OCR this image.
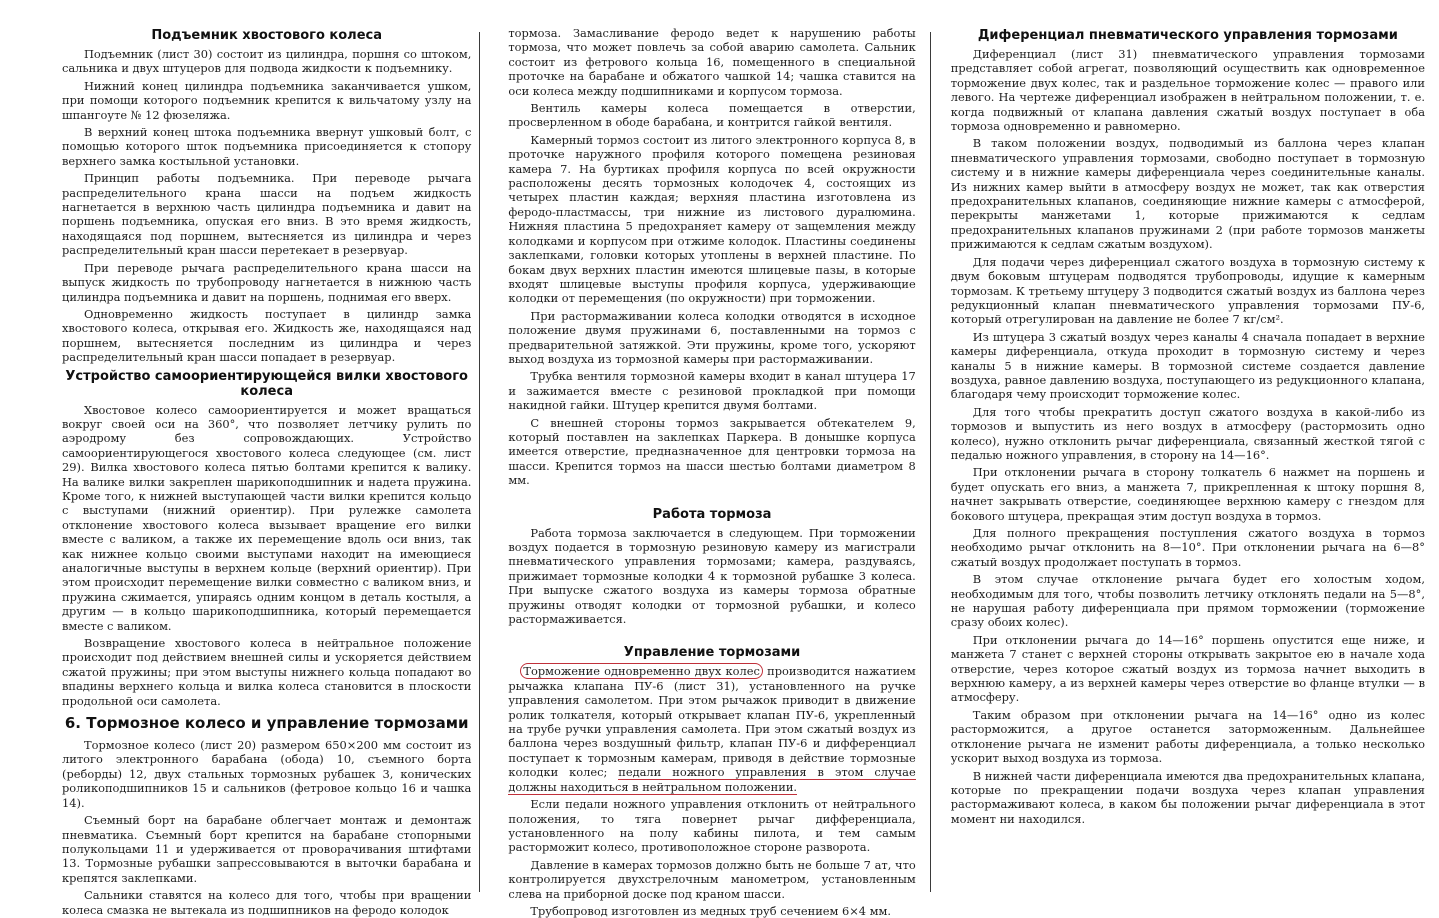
Подъемник хвостового колеса

Подъемник (лист 30) состоит из цилиндра, поршня со штоком, сальника и двух штуцеров для подвода жидкости к подъемнику.

Нижний конец цилиндра подъемника заканчивается ушком, при помощи которого подъемник крепится к вильчатому узлу на шпангоуте № 12 фюзеляжа.

В верхний конец штока подъемника ввернут ушковый болт, с помощью которого шток подъемника присоединяется к стопору верхнего замка костыльной установки.

Принцип работы подъемника. При переводе рычага распределительного крана шасси на подъем жидкость нагнетается в верхнюю часть цилиндра подъемника и давит на поршень подъемника, опуская его вниз. В это время жидкость, находящаяся под поршнем, вытесняется из цилиндра и через распределительный кран шасси перетекает в резервуар.

При переводе рычага распределительного крана шасси на выпуск жидкость по трубопроводу нагнетается в нижнюю часть цилиндра подъемника и давит на поршень, поднимая его вверх.

Одновременно жидкость поступает в цилиндр замка хвостового колеса, открывая его. Жидкость же, находящаяся над поршнем, вытесняется последним из цилиндра и через распределительный кран шасси попадает в резервуар.

Устройство самоориентирующейся вилки хвостового колеса

Хвостовое колесо самоориентируется и может вращаться вокруг своей оси на 360°, что позволяет летчику рулить по аэродрому без сопровождающих. Устройство самоориентирующегося хвостового колеса следующее (см. лист 29). Вилка хвостового колеса пятью болтами крепится к валику. На валике вилки закреплен шарикоподшипник и надета пружина. Кроме того, к нижней выступающей части вилки крепится кольцо с выступами (нижний ориентир). При рулежке самолета отклонение хвостового колеса вызывает вращение его вилки вместе с валиком, а также их перемещение вдоль оси вниз, так как нижнее кольцо своими выступами находит на имеющиеся аналогичные выступы в верхнем кольце (верхний ориентир). При этом происходит перемещение вилки совместно с валиком вниз, и пружина сжимается, упираясь одним концом в деталь костыля, а другим — в кольцо шарикоподшипника, который перемещается вместе с валиком.

Возвращение хвостового колеса в нейтральное положение происходит под действием внешней силы и ускоряется действием сжатой пружины; при этом выступы нижнего кольца попадают во впадины верхнего кольца и вилка колеса становится в плоскости продольной оси самолета.

6. Тормозное колесо и управление тормозами

Тормозное колесо (лист 20) размером 650×200 мм состоит из литого электронного барабана (обода) 10, съемного борта (реборды) 12, двух стальных тормозных рубашек 3, конических роликоподшипников 15 и сальников (фетровое кольцо 16 и чашка 14).

Съемный борт на барабане облегчает монтаж и демонтаж пневматика. Съемный борт крепится на барабане стопорными полукольцами 11 и удерживается от проворачивания штифтами 13. Тормозные рубашки запрессовываются в выточки барабана и крепятся заклепками.

Сальники ставятся на колесо для того, чтобы при вращении колеса смазка не вытекала из подшипников на феродо колодок

тормоза. Замасливание феродо ведет к нарушению работы тормоза, что может повлечь за собой аварию самолета. Сальник состоит из фетрового кольца 16, помещенного в специальной проточке на барабане и обжатого чашкой 14; чашка ставится на оси колеса между подшипниками и корпусом тормоза.

Вентиль камеры колеса помещается в отверстии, просверленном в ободе барабана, и контрится гайкой вентиля.

Камерный тормоз состоит из литого электронного корпуса 8, в проточке наружного профиля которого помещена резиновая камера 7. На буртиках профиля корпуса по всей окружности расположены десять тормозных колодочек 4, состоящих из четырех пластин каждая; верхняя пластина изготовлена из феродо-пластмассы, три нижние из листового дуралюмина. Нижняя пластина 5 предохраняет камеру от защемления между колодками и корпусом при отжиме колодок. Пластины соединены заклепками, головки которых утоплены в верхней пластине. По бокам двух верхних пластин имеются шлицевые пазы, в которые входят шлицевые выступы профиля корпуса, удерживающие колодки от перемещения (по окружности) при торможении.

При растормаживании колеса колодки отводятся в исходное положение двумя пружинами 6, поставленными на тормоз с предварительной затяжкой. Эти пружины, кроме того, ускоряют выход воздуха из тормозной камеры при растормаживании.

Трубка вентиля тормозной камеры входит в канал штуцера 17 и зажимается вместе с резиновой прокладкой при помощи накидной гайки. Штуцер крепится двумя болтами.

С внешней стороны тормоз закрывается обтекателем 9, который поставлен на заклепках Паркера. В донышке корпуса имеется отверстие, предназначенное для центровки тормоза на шасси. Крепится тормоз на шасси шестью болтами диаметром 8 мм.

Работа тормоза

Работа тормоза заключается в следующем. При торможении воздух подается в тормозную резиновую камеру из магистрали пневматического управления тормозами; камера, раздуваясь, прижимает тормозные колодки 4 к тормозной рубашке 3 колеса. При выпуске сжатого воздуха из камеры тормоза обратные пружины отводят колодки от тормозной рубашки, и колесо растормаживается.

Управление тормозами

Торможение одновременно двух колес производится нажатием рычажка клапана ПУ-6 (лист 31), установленного на ручке управления самолетом. При этом рычажок приводит в движение ролик толкателя, который открывает клапан ПУ-6, укрепленный на трубе ручки управления самолета. При этом сжатый воздух из баллона через воздушный фильтр, клапан ПУ-6 и дифференциал поступает к тормозным камерам, приводя в действие тормозные колодки колес; педали ножного управления в этом случае должны находиться в нейтральном положении.

Если педали ножного управления отклонить от нейтрального положения, то тяга повернет рычаг дифференциала, установленного на полу кабины пилота, и тем самым расторможит колесо, противоположное стороне разворота.

Давление в камерах тормозов должно быть не больше 7 ат, что контролируется двухстрелочным манометром, установленным слева на приборной доске под краном шасси.

Трубопровод изготовлен из медных труб сечением 6×4 мм.

Диференциал пневматического управления тормозами

Диференциал (лист 31) пневматического управления тормозами представляет собой агрегат, позволяющий осуществить как одновременное торможение двух колес, так и раздельное торможение колес — правого или левого. На чертеже диференциал изображен в нейтральном положении, т. е. когда подвижный от клапана давления сжатый воздух поступает в оба тормоза одновременно и равномерно.

В таком положении воздух, подводимый из баллона через клапан пневматического управления тормозами, свободно поступает в тормозную систему и в нижние камеры диференциала через соединительные каналы. Из нижних камер выйти в атмосферу воздух не может, так как отверстия предохранительных клапанов, соединяющие нижние камеры с атмосферой, перекрыты манжетами 1, которые прижимаются к седлам предохранительных клапанов пружинами 2 (при работе тормозов манжеты прижимаются к седлам сжатым воздухом).

Для подачи через диференциал сжатого воздуха в тормозную систему к двум боковым штуцерам подводятся трубопроводы, идущие к камерным тормозам. К третьему штуцеру 3 подводится сжатый воздух из баллона через редукционный клапан пневматического управления тормозами ПУ-6, который отрегулирован на давление не более 7 кг/см².

Из штуцера 3 сжатый воздух через каналы 4 сначала попадает в верхние камеры диференциала, откуда проходит в тормозную систему и через каналы 5 в нижние камеры. В тормозной системе создается давление воздуха, равное давлению воздуха, поступающего из редукционного клапана, благодаря чему происходит торможение колес.

Для того чтобы прекратить доступ сжатого воздуха в какой-либо из тормозов и выпустить из него воздух в атмосферу (растормозить одно колесо), нужно отклонить рычаг диференциала, связанный жесткой тягой с педалью ножного управления, в сторону на 14—16°.

При отклонении рычага в сторону толкатель 6 нажмет на поршень и будет опускать его вниз, а манжета 7, прикрепленная к штоку поршня 8, начнет закрывать отверстие, соединяющее верхнюю камеру с гнездом для бокового штуцера, прекращая этим доступ воздуха в тормоз.

Для полного прекращения поступления сжатого воздуха в тормоз необходимо рычаг отклонить на 8—10°. При отклонении рычага на 6—8° сжатый воздух продолжает поступать в тормоз.

В этом случае отклонение рычага будет его холостым ходом, необходимым для того, чтобы позволить летчику отклонять педали на 5—8°, не нарушая работу диференциала при прямом торможении (торможение сразу обоих колес).

При отклонении рычага до 14—16° поршень опустится еще ниже, и манжета 7 станет с верхней стороны открывать закрытое ею в начале хода отверстие, через которое сжатый воздух из тормоза начнет выходить в верхнюю камеру, а из верхней камеры через отверстие во фланце втулки — в атмосферу.

Таким образом при отклонении рычага на 14—16° одно из колес расторможится, а другое останется заторможенным. Дальнейшее отклонение рычага не изменит работы диференциала, а только несколько ускорит выход воздуха из тормоза.

В нижней части диференциала имеются два предохранительных клапана, которые по прекращении подачи воздуха через клапан управления растормаживают колеса, в каком бы положении рычаг диференциала в этот момент ни находился.
